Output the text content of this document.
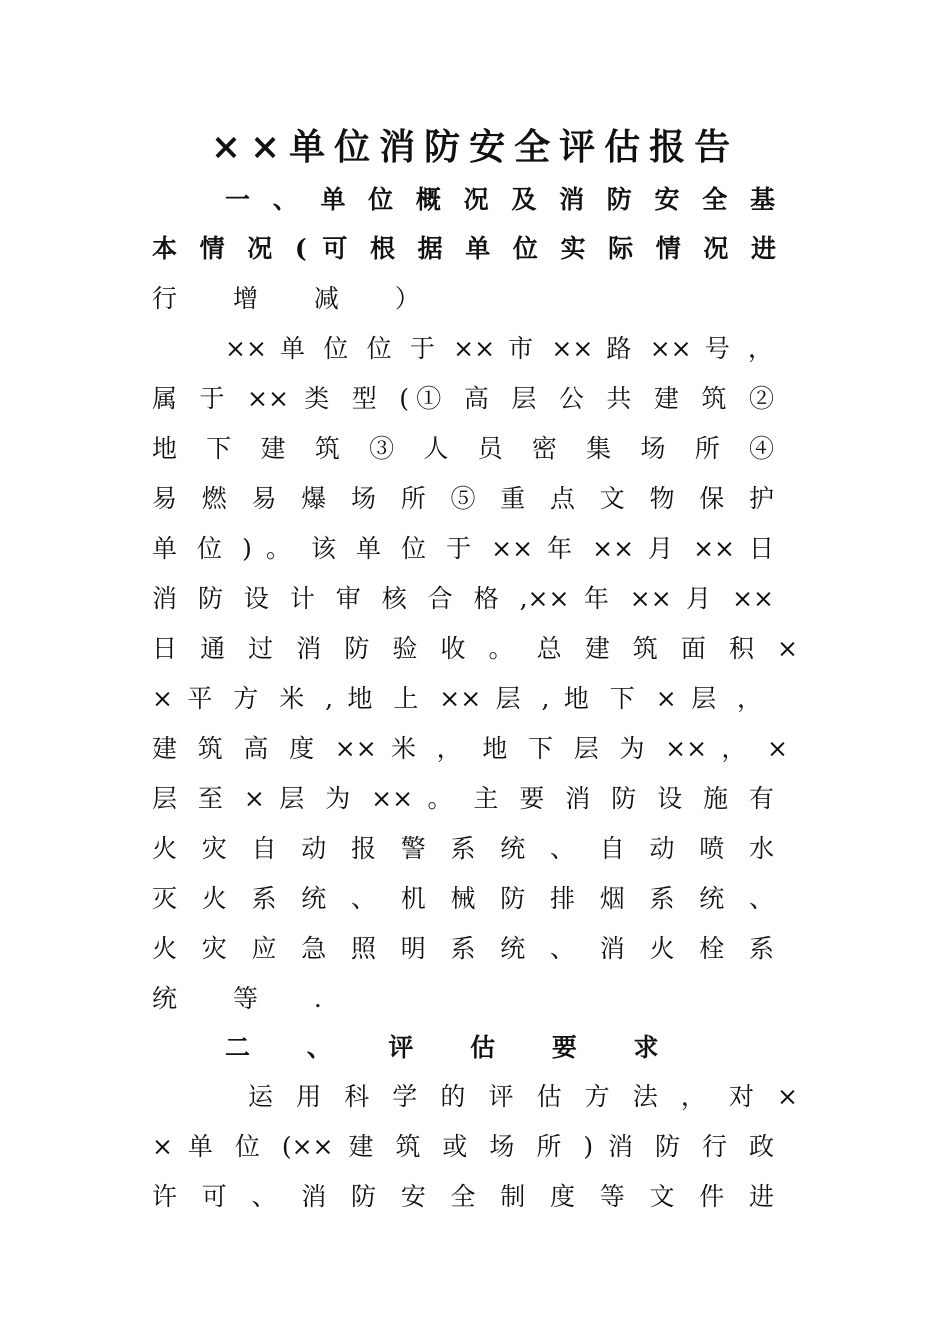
××单位消防安全评估报告
一 、 单 位 概 况 及 消 防 安 全 基
本 情 况 ( 可 根 据 单 位 实 际 情 况 进
行 增 减 ）
×× 单 位 位 于 ×× 市 ×× 路 ×× 号 ，
属 于 ×× 类 型 (① 高 层 公 共 建 筑 ②
地 下 建 筑 ③ 人 员 密 集 场 所 ④
易 燃 易 爆 场 所 ⑤ 重 点 文 物 保 护
单 位 ) 。 该 单 位 于 ×× 年 ×× 月 ×× 日
消 防 设 计 审 核 合 格 ,×× 年 ×× 月 ××
日 通 过 消 防 验 收 。 总 建 筑 面 积 ×
× 平 方 米 , 地 上 ×× 层 , 地 下 × 层 ，
建 筑 高 度 ×× 米 ， 地 下 层 为 ×× ， ×
层 至 × 层 为 ×× 。 主 要 消 防 设 施 有
火 灾 自 动 报 警 系 统 、 自 动 喷 水
灭 火 系 统 、 机 械 防 排 烟 系 统 、
火 灾 应 急 照 明 系 统 、 消 火 栓 系
统 等 .
二 、 评 估 要 求
运 用 科 学 的 评 估 方 法 ， 对 ×
× 单 位 (×× 建 筑 或 场 所 ) 消 防 行 政
许 可 、 消 防 安 全 制 度 等 文 件 进
